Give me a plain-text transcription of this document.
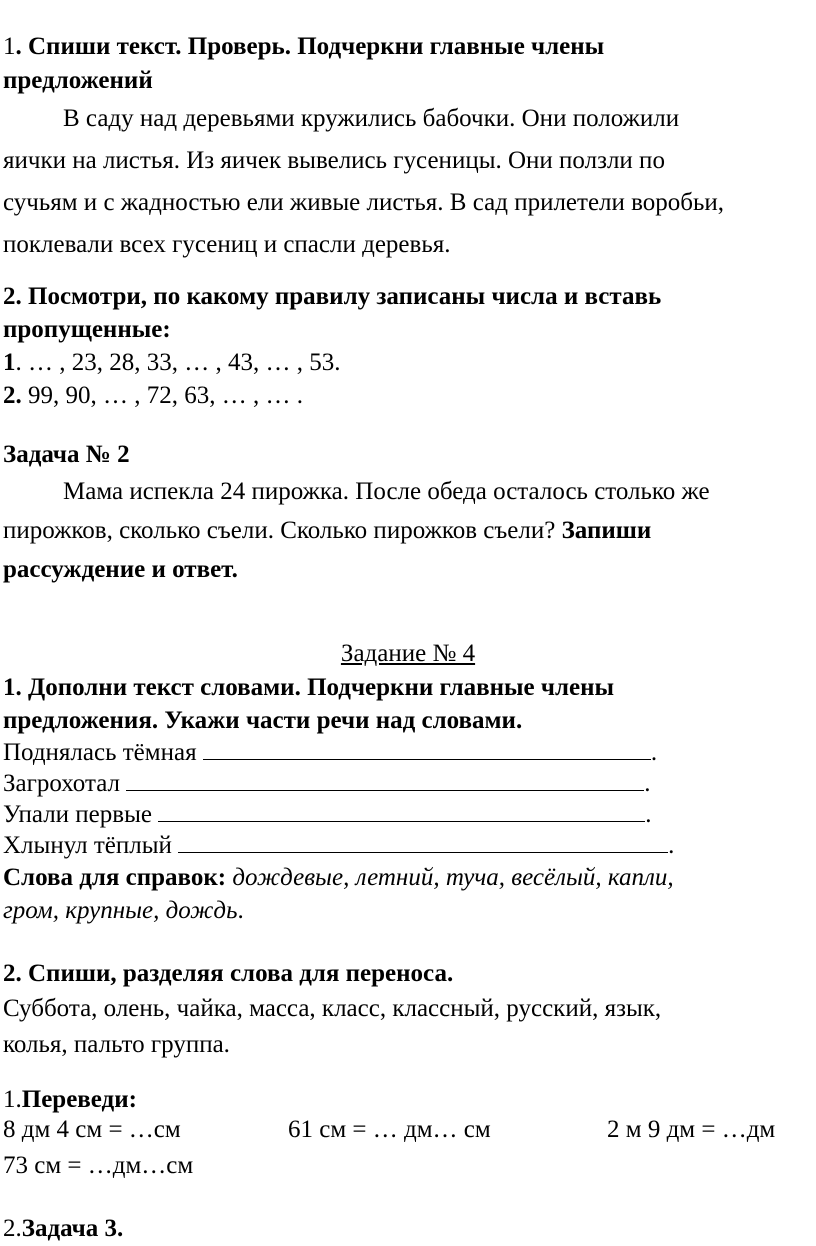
1. Спиши текст. Проверь. Подчеркни главные члены

предложений

В саду над деревьями кружились бабочки. Они положили

яички на листья. Из яичек вывелись гусеницы. Они ползли по

сучьям и с жадностью ели живые листья. В сад прилетели воробьи,

поклевали всех гусениц и спасли деревья.

2. Посмотри, по какому правилу записаны числа и вставь

пропущенные:

1. … , 23, 28, 33, … , 43, … , 53.

2. 99, 90, … , 72, 63, … , … .

Задача № 2

Мама испекла 24 пирожка. После обеда осталось столько же

пирожков, сколько съели. Сколько пирожков съели? Запиши

рассуждение и ответ.

Задание № 4

1. Дополни текст словами. Подчеркни главные члены

предложения. Укажи части речи над словами.

Поднялась тёмная	.

Загрохотал	.

Упали первые	.

Хлынул тёплый	.

Слова для справок: дождевые, летний, туча, весёлый, капли,

гром, крупные, дождь.

2. Спиши, разделяя слова для переноса.

Суббота, олень, чайка, масса, класс, классный, русский, язык,

колья, пальто группа.

1.Переведи:

8 дм 4 см = …см	61 см = … дм… см	2 м 9 дм = …дм

73 см = …дм…см

2.Задача 3.
